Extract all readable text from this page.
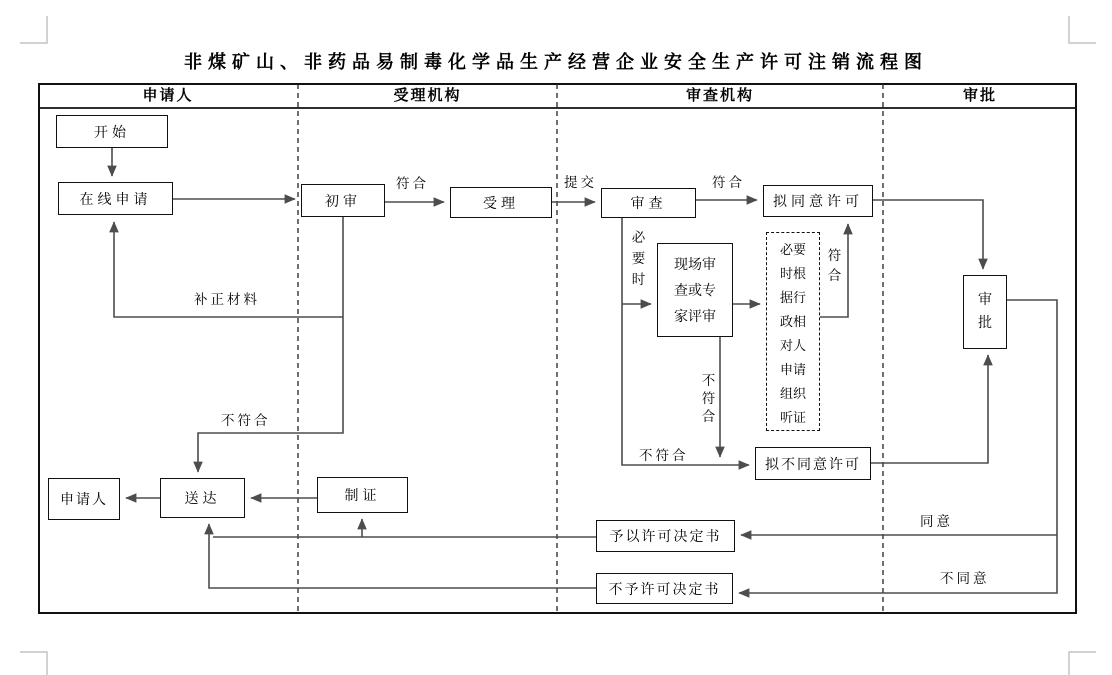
非煤矿山、非药品易制毒化学品生产经营企业安全生产许可注销流程图
申请人	受理机构	审查机构	审批
开始
在线申请	初审	受理	审查
现场审查或专家评审
必要时根据行政相对人申请组织听证
拟同意许可
拟不同意许可
审批
申请人	送达	制证
予以许可决定书
不予许可决定书
符合	提交	符合
补正材料
不符合
不符合
同意
不同意
必要时
不符合
符合
